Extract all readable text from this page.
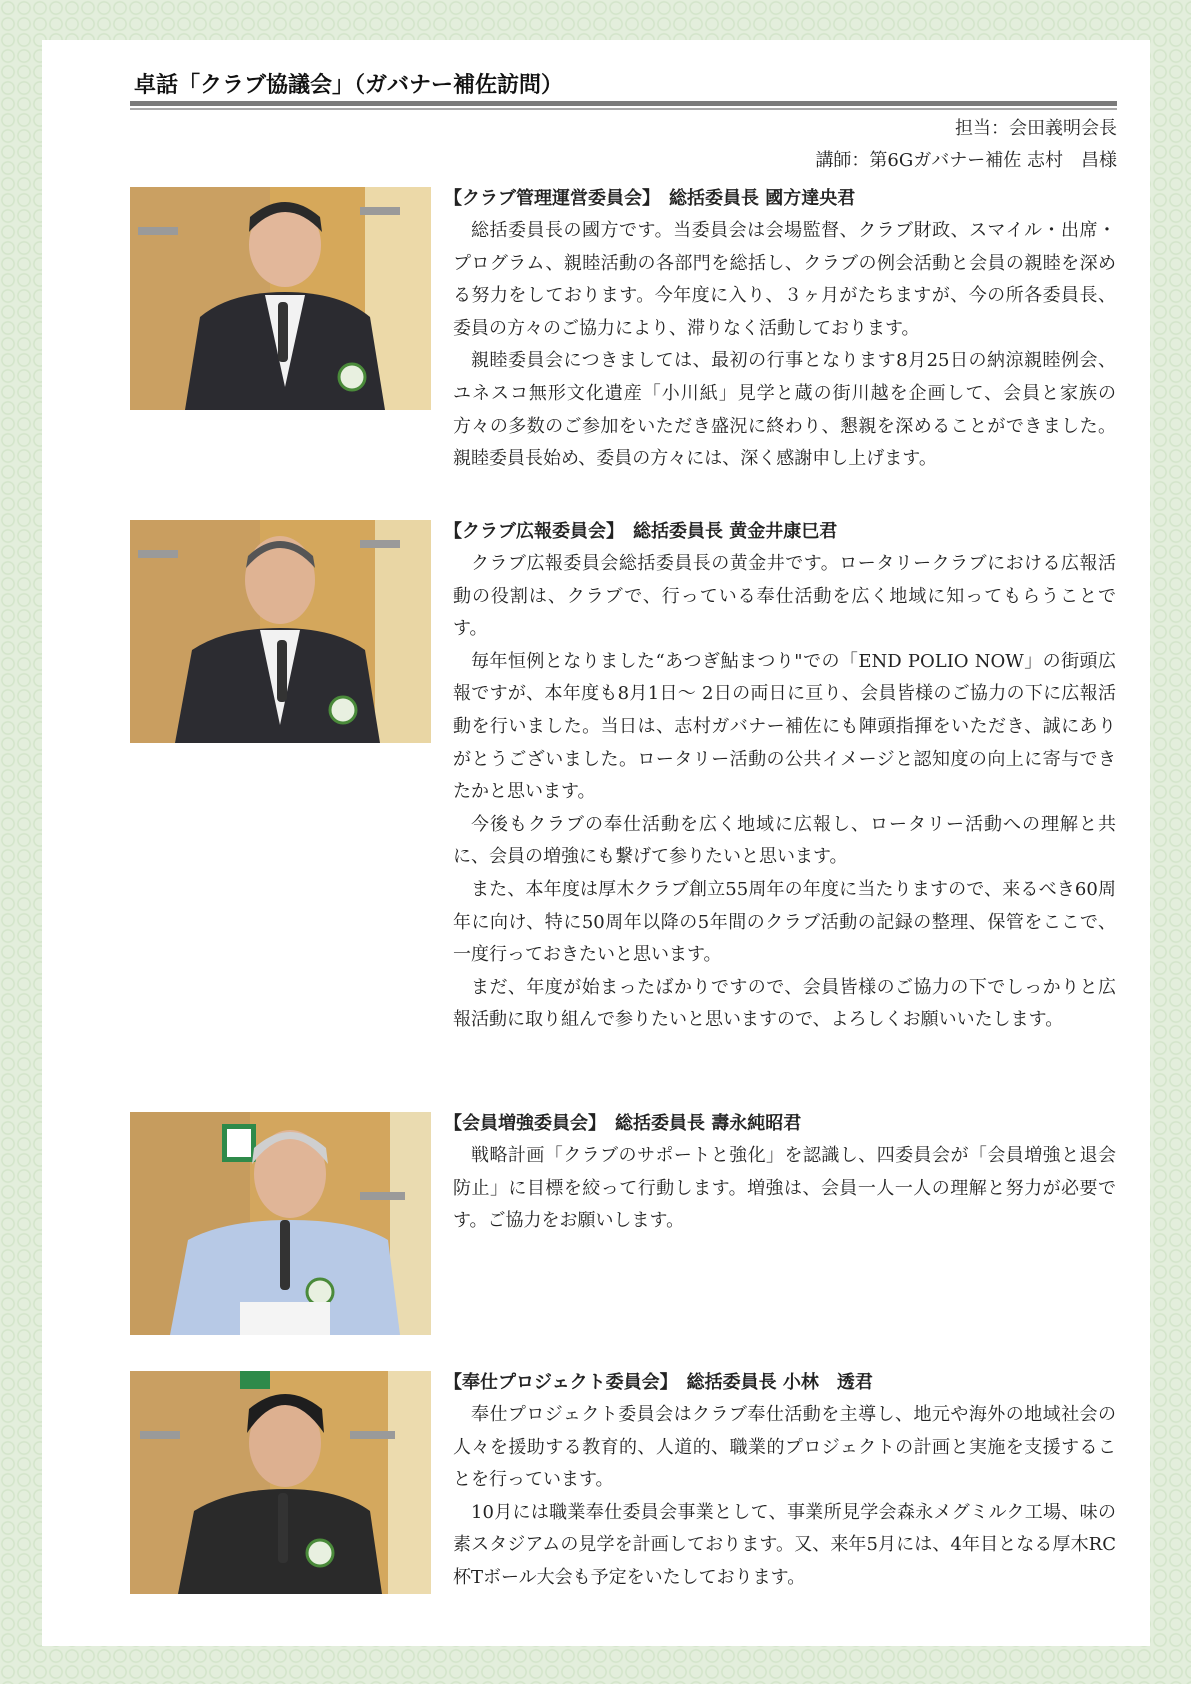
卓話「クラブ協議会」（ガバナー補佐訪問）
担当：会田義明会長
講師：第6Gガバナー補佐 志村　昌様
【クラブ管理運営委員会】　総括委員長 國方達央君

総括委員長の國方です。当委員会は会場監督、クラブ財政、スマイル・出席・プログラム、親睦活動の各部門を総括し、クラブの例会活動と会員の親睦を深める努力をしております。今年度に入り、３ヶ月がたちますが、今の所各委員長、委員の方々のご協力により、滞りなく活動しております。

親睦委員会につきましては、最初の行事となります8月25日の納涼親睦例会、ユネスコ無形文化遺産「小川紙」見学と蔵の街川越を企画して、会員と家族の方々の多数のご参加をいただき盛況に終わり、懇親を深めることができました。親睦委員長始め、委員の方々には、深く感謝申し上げます。

【クラブ広報委員会】　総括委員長 黄金井康巳君

クラブ広報委員会総括委員長の黄金井です。ロータリークラブにおける広報活動の役割は、クラブで、行っている奉仕活動を広く地域に知ってもらうことです。

毎年恒例となりました“あつぎ鮎まつり"での「END POLIO NOW」の街頭広報ですが、本年度も8月1日～ 2日の両日に亘り、会員皆様のご協力の下に広報活動を行いました。当日は、志村ガバナー補佐にも陣頭指揮をいただき、誠にありがとうございました。ロータリー活動の公共イメージと認知度の向上に寄与できたかと思います。

今後もクラブの奉仕活動を広く地域に広報し、ロータリー活動への理解と共に、会員の増強にも繋げて参りたいと思います。

また、本年度は厚木クラブ創立55周年の年度に当たりますので、来るべき60周年に向け、特に50周年以降の5年間のクラブ活動の記録の整理、保管をここで、一度行っておきたいと思います。

まだ、年度が始まったばかりですので、会員皆様のご協力の下でしっかりと広報活動に取り組んで参りたいと思いますので、よろしくお願いいたします。

【会員増強委員会】　総括委員長 壽永純昭君

戦略計画「クラブのサポートと強化」を認識し、四委員会が「会員増強と退会防止」に目標を絞って行動します。増強は、会員一人一人の理解と努力が必要です。ご協力をお願いします。

【奉仕プロジェクト委員会】　総括委員長 小林　透君

奉仕プロジェクト委員会はクラブ奉仕活動を主導し、地元や海外の地域社会の人々を援助する教育的、人道的、職業的プロジェクトの計画と実施を支援することを行っています。

10月には職業奉仕委員会事業として、事業所見学会森永メグミルク工場、味の素スタジアムの見学を計画しております。又、来年5月には、4年目となる厚木RC杯Tボール大会も予定をいたしております。
